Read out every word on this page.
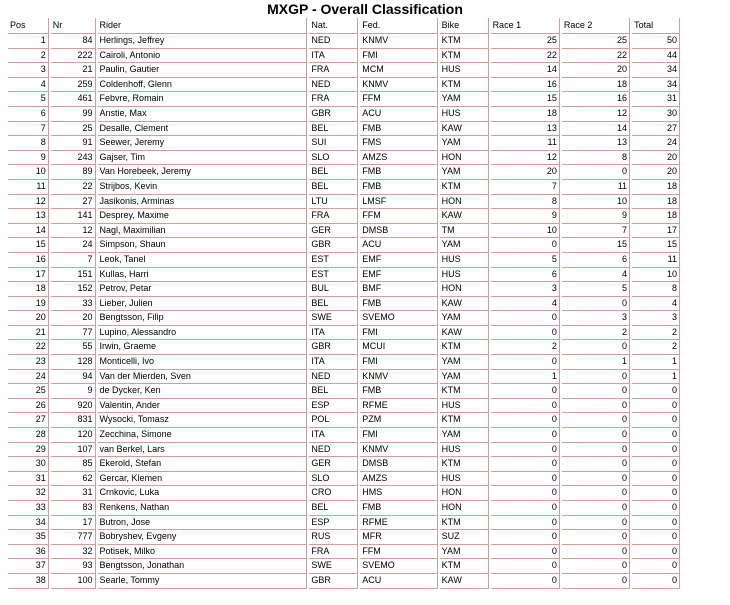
MXGP - Overall Classification
Pos	Nr	Rider	Nat.	Fed.	Bike	Race 1	Race 2	Total
1	84	Herlings, Jeffrey	NED	KNMV	KTM	25	25	50
2	222	Cairoli, Antonio	ITA	FMI	KTM	22	22	44
3	21	Paulin, Gautier	FRA	MCM	HUS	14	20	34
4	259	Coldenhoff, Glenn	NED	KNMV	KTM	16	18	34
5	461	Febvre, Romain	FRA	FFM	YAM	15	16	31
6	99	Anstie, Max	GBR	ACU	HUS	18	12	30
7	25	Desalle, Clement	BEL	FMB	KAW	13	14	27
8	91	Seewer, Jeremy	SUI	FMS	YAM	11	13	24
9	243	Gajser, Tim	SLO	AMZS	HON	12	8	20
10	89	Van Horebeek, Jeremy	BEL	FMB	YAM	20	0	20
11	22	Strijbos, Kevin	BEL	FMB	KTM	7	11	18
12	27	Jasikonis, Arminas	LTU	LMSF	HON	8	10	18
13	141	Desprey, Maxime	FRA	FFM	KAW	9	9	18
14	12	Nagl, Maximilian	GER	DMSB	TM	10	7	17
15	24	Simpson, Shaun	GBR	ACU	YAM	0	15	15
16	7	Leok, Tanel	EST	EMF	HUS	5	6	11
17	151	Kullas, Harri	EST	EMF	HUS	6	4	10
18	152	Petrov, Petar	BUL	BMF	HON	3	5	8
19	33	Lieber, Julien	BEL	FMB	KAW	4	0	4
20	20	Bengtsson, Filip	SWE	SVEMO	YAM	0	3	3
21	77	Lupino, Alessandro	ITA	FMI	KAW	0	2	2
22	55	Irwin, Graeme	GBR	MCUI	KTM	2	0	2
23	128	Monticelli, Ivo	ITA	FMI	YAM	0	1	1
24	94	Van der Mierden, Sven	NED	KNMV	YAM	1	0	1
25	9	de Dycker, Ken	BEL	FMB	KTM	0	0	0
26	920	Valentin, Ander	ESP	RFME	HUS	0	0	0
27	831	Wysocki, Tomasz	POL	PZM	KTM	0	0	0
28	120	Zecchina, Simone	ITA	FMI	YAM	0	0	0
29	107	van Berkel, Lars	NED	KNMV	HUS	0	0	0
30	85	Ekerold, Stefan	GER	DMSB	KTM	0	0	0
31	62	Gercar, Klemen	SLO	AMZS	HUS	0	0	0
32	31	Crnkovic, Luka	CRO	HMS	HON	0	0	0
33	83	Renkens, Nathan	BEL	FMB	HON	0	0	0
34	17	Butron, Jose	ESP	RFME	KTM	0	0	0
35	777	Bobryshev, Evgeny	RUS	MFR	SUZ	0	0	0
36	32	Potisek, Milko	FRA	FFM	YAM	0	0	0
37	93	Bengtsson, Jonathan	SWE	SVEMO	KTM	0	0	0
38	100	Searle, Tommy	GBR	ACU	KAW	0	0	0
